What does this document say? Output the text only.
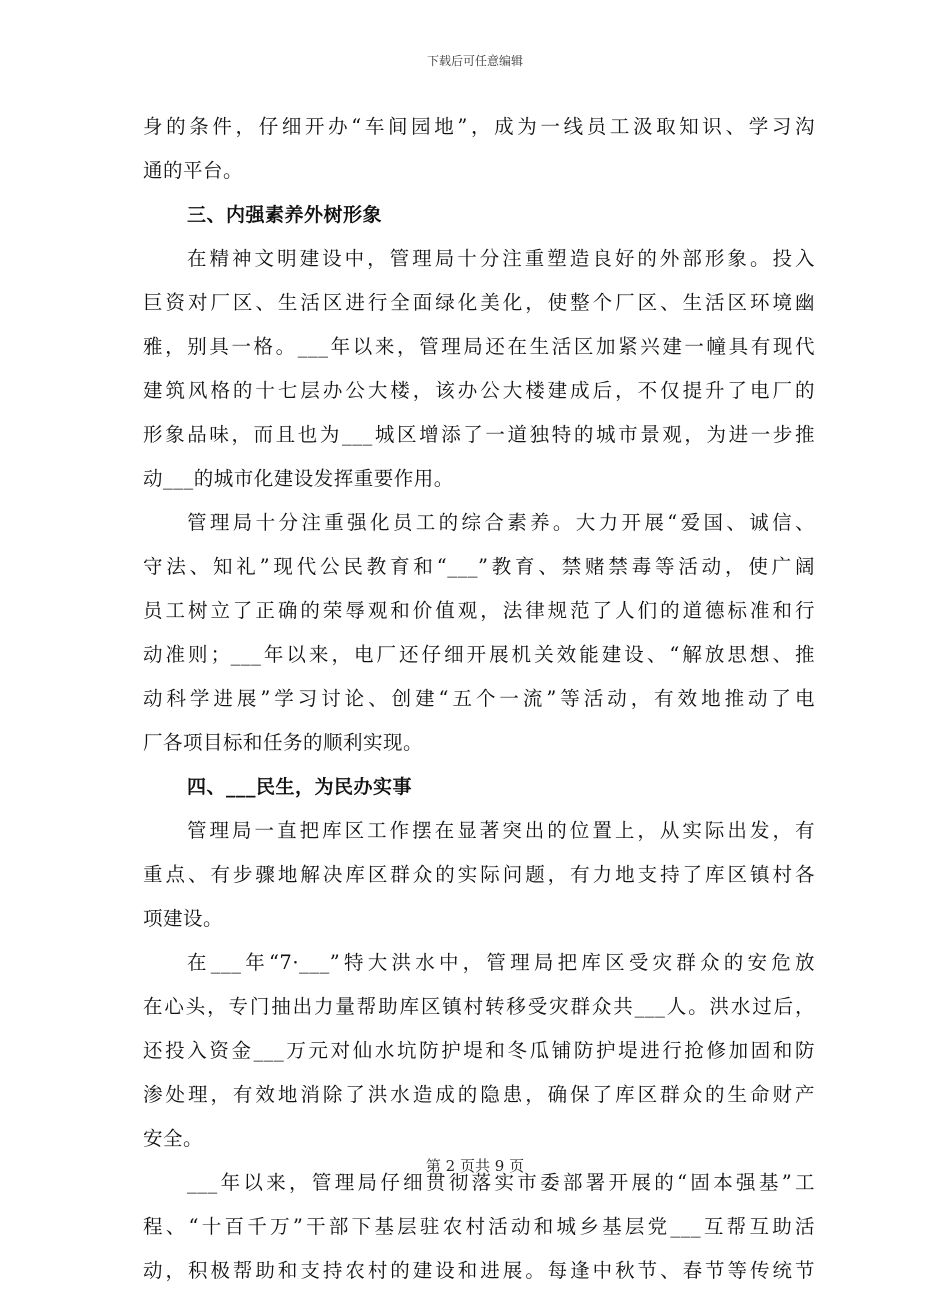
下载后可任意编辑
身的条件，仔细开办“车间园地”，成为一线员工汲取知识、学习沟
通的平台。
三、内强素养外树形象
在精神文明建设中，管理局十分注重塑造良好的外部形象。投入
巨资对厂区、生活区进行全面绿化美化，使整个厂区、生活区环境幽
雅，别具一格。___年以来，管理局还在生活区加紧兴建一幢具有现代
建筑风格的十七层办公大楼，该办公大楼建成后，不仅提升了电厂的
形象品味，而且也为___城区增添了一道独特的城市景观，为进一步推
动___的城市化建设发挥重要作用。
管理局十分注重强化员工的综合素养。大力开展“爱国、诚信、
守法、知礼”现代公民教育和“___”教育、禁赌禁毒等活动，使广阔
员工树立了正确的荣辱观和价值观，法律规范了人们的道德标准和行
动准则；___年以来，电厂还仔细开展机关效能建设、“解放思想、推
动科学进展”学习讨论、创建“五个一流”等活动，有效地推动了电
厂各项目标和任务的顺利实现。
四、___民生，为民办实事
管理局一直把库区工作摆在显著突出的位置上，从实际出发，有
重点、有步骤地解决库区群众的实际问题，有力地支持了库区镇村各
项建设。
在___年“7·___”特大洪水中，管理局把库区受灾群众的安危放
在心头，专门抽出力量帮助库区镇村转移受灾群众共___人。洪水过后，
还投入资金___万元对仙水坑防护堤和冬瓜铺防护堤进行抢修加固和防
渗处理，有效地消除了洪水造成的隐患，确保了库区群众的生命财产
安全。
___年以来，管理局仔细贯彻落实市委部署开展的“固本强基”工
程、“十百千万”干部下基层驻农村活动和城乡基层党___互帮互助活
动，积极帮助和支持农村的建设和进展。每逢中秋节、春节等传统节
第 2 页共 9 页
